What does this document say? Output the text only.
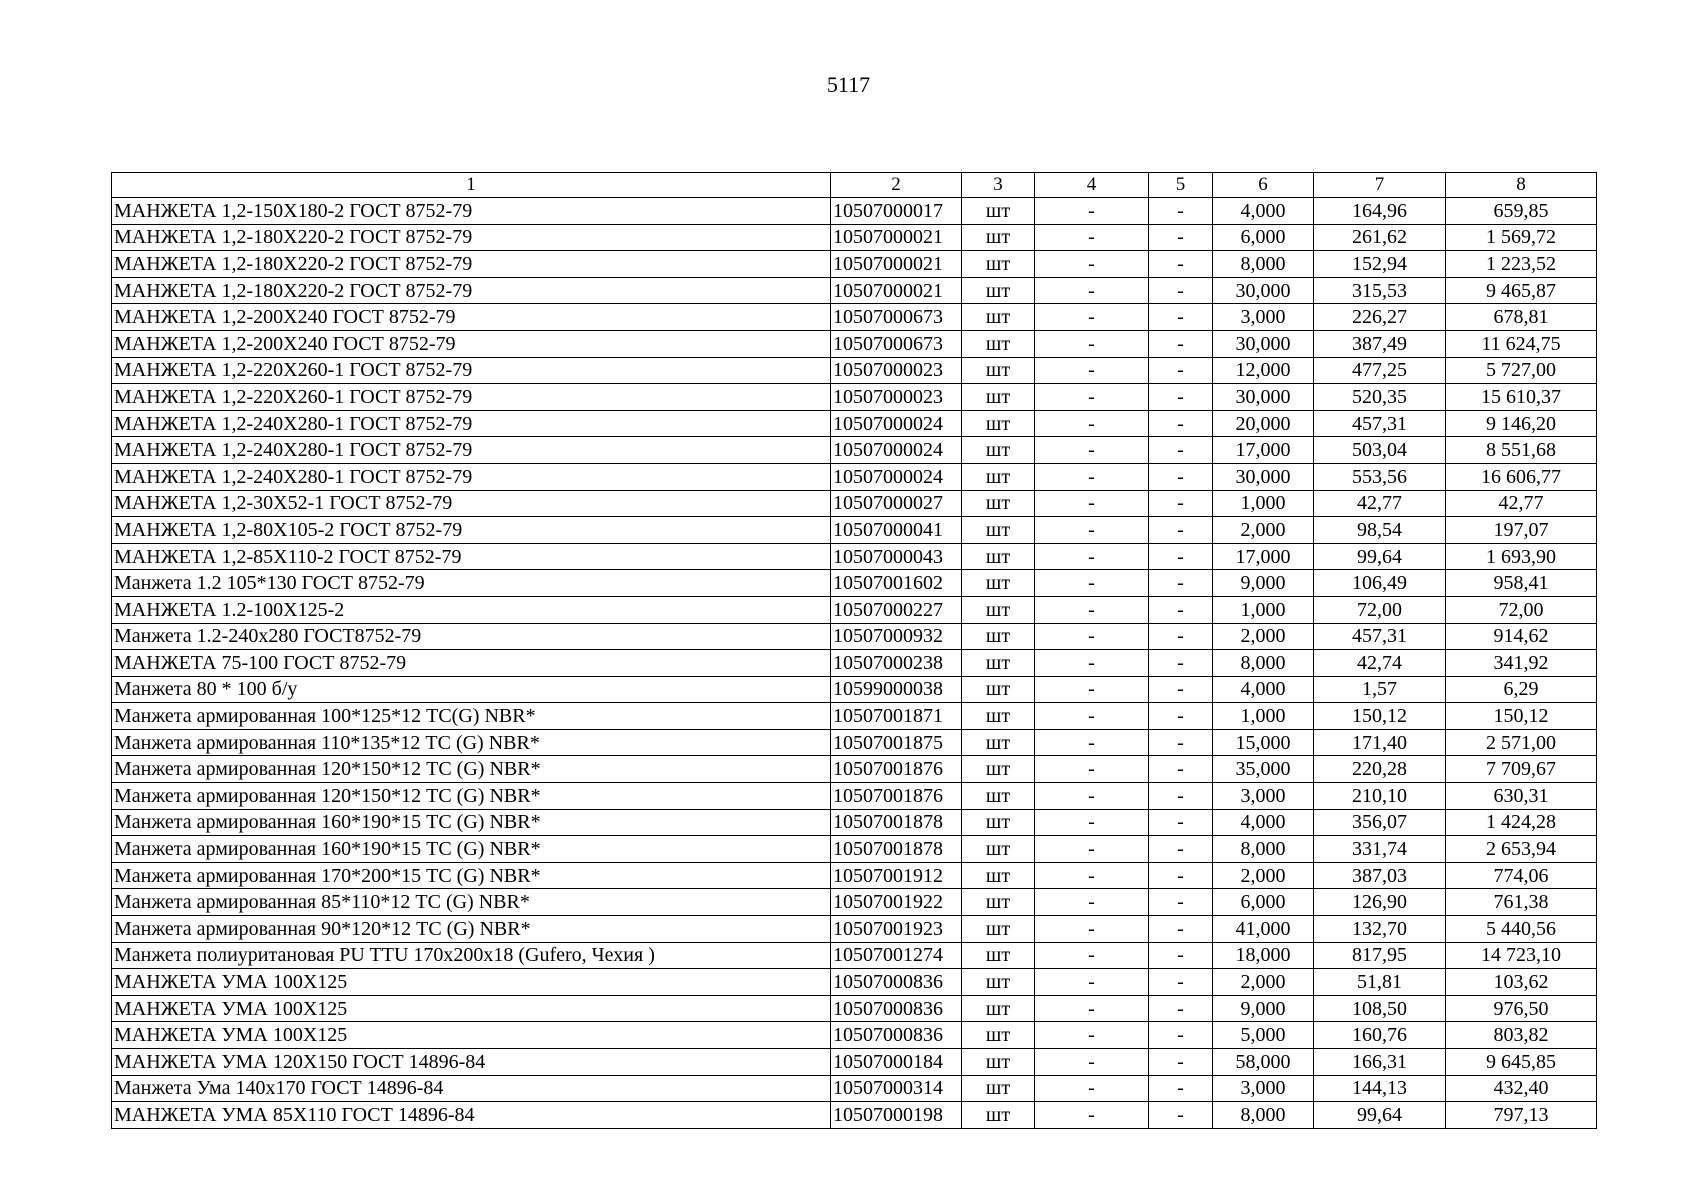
5117
1	2	3	4	5	6	7	8
МАНЖЕТА 1,2-150Х180-2 ГОСТ 8752-79	10507000017	шт	-	-	4,000	164,96	659,85
МАНЖЕТА 1,2-180Х220-2 ГОСТ 8752-79	10507000021	шт	-	-	6,000	261,62	1 569,72
МАНЖЕТА 1,2-180Х220-2 ГОСТ 8752-79	10507000021	шт	-	-	8,000	152,94	1 223,52
МАНЖЕТА 1,2-180Х220-2 ГОСТ 8752-79	10507000021	шт	-	-	30,000	315,53	9 465,87
МАНЖЕТА 1,2-200Х240 ГОСТ 8752-79	10507000673	шт	-	-	3,000	226,27	678,81
МАНЖЕТА 1,2-200Х240 ГОСТ 8752-79	10507000673	шт	-	-	30,000	387,49	11 624,75
МАНЖЕТА 1,2-220Х260-1 ГОСТ 8752-79	10507000023	шт	-	-	12,000	477,25	5 727,00
МАНЖЕТА 1,2-220Х260-1 ГОСТ 8752-79	10507000023	шт	-	-	30,000	520,35	15 610,37
МАНЖЕТА 1,2-240Х280-1 ГОСТ 8752-79	10507000024	шт	-	-	20,000	457,31	9 146,20
МАНЖЕТА 1,2-240Х280-1 ГОСТ 8752-79	10507000024	шт	-	-	17,000	503,04	8 551,68
МАНЖЕТА 1,2-240Х280-1 ГОСТ 8752-79	10507000024	шт	-	-	30,000	553,56	16 606,77
МАНЖЕТА 1,2-30Х52-1 ГОСТ 8752-79	10507000027	шт	-	-	1,000	42,77	42,77
МАНЖЕТА 1,2-80Х105-2 ГОСТ 8752-79	10507000041	шт	-	-	2,000	98,54	197,07
МАНЖЕТА 1,2-85Х110-2 ГОСТ 8752-79	10507000043	шт	-	-	17,000	99,64	1 693,90
Манжета 1.2 105*130 ГОСТ 8752-79	10507001602	шт	-	-	9,000	106,49	958,41
МАНЖЕТА 1.2-100Х125-2	10507000227	шт	-	-	1,000	72,00	72,00
Манжета 1.2-240х280 ГОСТ8752-79	10507000932	шт	-	-	2,000	457,31	914,62
МАНЖЕТА 75-100 ГОСТ 8752-79	10507000238	шт	-	-	8,000	42,74	341,92
Манжета 80 * 100 б/у	10599000038	шт	-	-	4,000	1,57	6,29
Манжета армированная 100*125*12 TC(G) NBR*	10507001871	шт	-	-	1,000	150,12	150,12
Манжета армированная 110*135*12 TC (G) NBR*	10507001875	шт	-	-	15,000	171,40	2 571,00
Манжета армированная 120*150*12 TC (G) NBR*	10507001876	шт	-	-	35,000	220,28	7 709,67
Манжета армированная 120*150*12 TC (G) NBR*	10507001876	шт	-	-	3,000	210,10	630,31
Манжета армированная 160*190*15 TC (G) NBR*	10507001878	шт	-	-	4,000	356,07	1 424,28
Манжета армированная 160*190*15 TC (G) NBR*	10507001878	шт	-	-	8,000	331,74	2 653,94
Манжета армированная 170*200*15 TC (G) NBR*	10507001912	шт	-	-	2,000	387,03	774,06
Манжета армированная 85*110*12 TC (G) NBR*	10507001922	шт	-	-	6,000	126,90	761,38
Манжета армированная 90*120*12 TC (G) NBR*	10507001923	шт	-	-	41,000	132,70	5 440,56
Манжета полиуритановая PU TTU 170х200х18 (Gufero, Чехия )	10507001274	шт	-	-	18,000	817,95	14 723,10
МАНЖЕТА УМА 100Х125	10507000836	шт	-	-	2,000	51,81	103,62
МАНЖЕТА УМА 100Х125	10507000836	шт	-	-	9,000	108,50	976,50
МАНЖЕТА УМА 100Х125	10507000836	шт	-	-	5,000	160,76	803,82
МАНЖЕТА УМА 120Х150 ГОСТ 14896-84	10507000184	шт	-	-	58,000	166,31	9 645,85
Манжета Ума 140х170 ГОСТ 14896-84	10507000314	шт	-	-	3,000	144,13	432,40
МАНЖЕТА УМА 85Х110 ГОСТ 14896-84	10507000198	шт	-	-	8,000	99,64	797,13
